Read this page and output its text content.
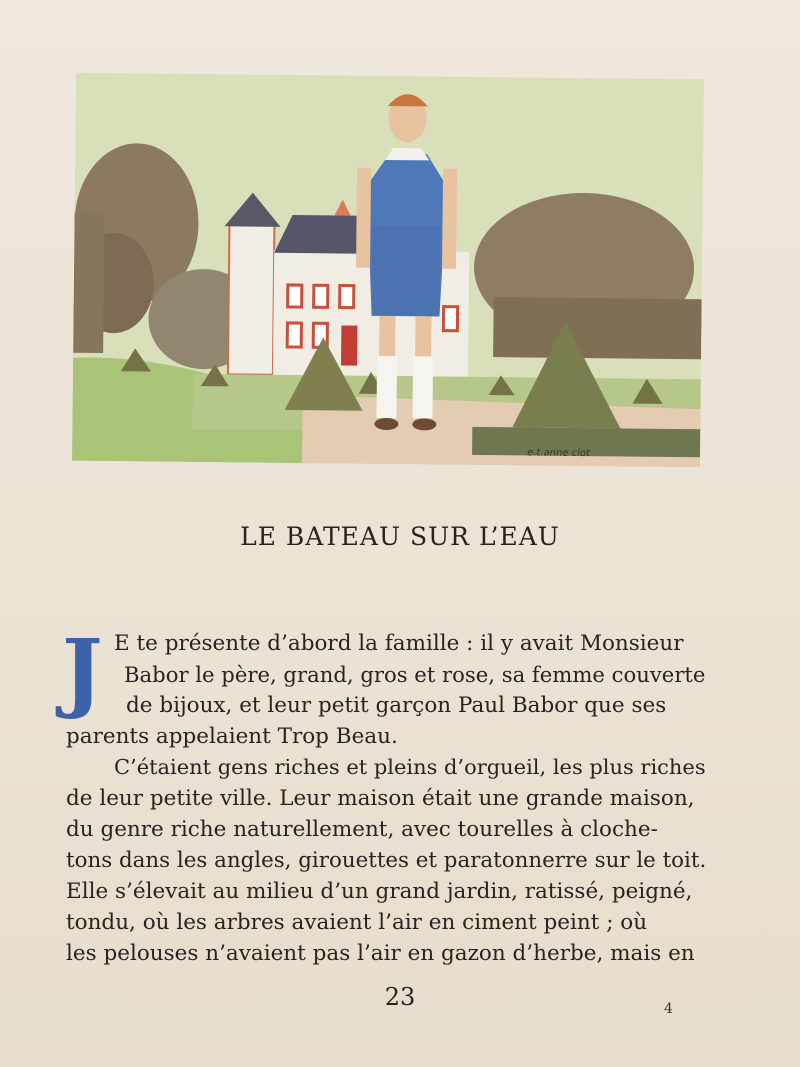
e.t.anne clot
LE BATEAU SUR L’EAU
J E te présente d’abord la famille : il y avait Monsieur
Babor le père, grand, gros et rose, sa femme couverte
de bijoux, et leur petit garçon Paul Babor que ses
parents appelaient Trop Beau.
C’étaient gens riches et pleins d’orgueil, les plus riches
de leur petite ville. Leur maison était une grande maison,
du genre riche naturellement, avec tourelles à cloche-
tons dans les angles, girouettes et paratonnerre sur le toit.
Elle s’élevait au milieu d’un grand jardin, ratissé, peigné,
tondu, où les arbres avaient l’air en ciment peint ; où
les pelouses n’avaient pas l’air en gazon d’herbe, mais en
23	4
